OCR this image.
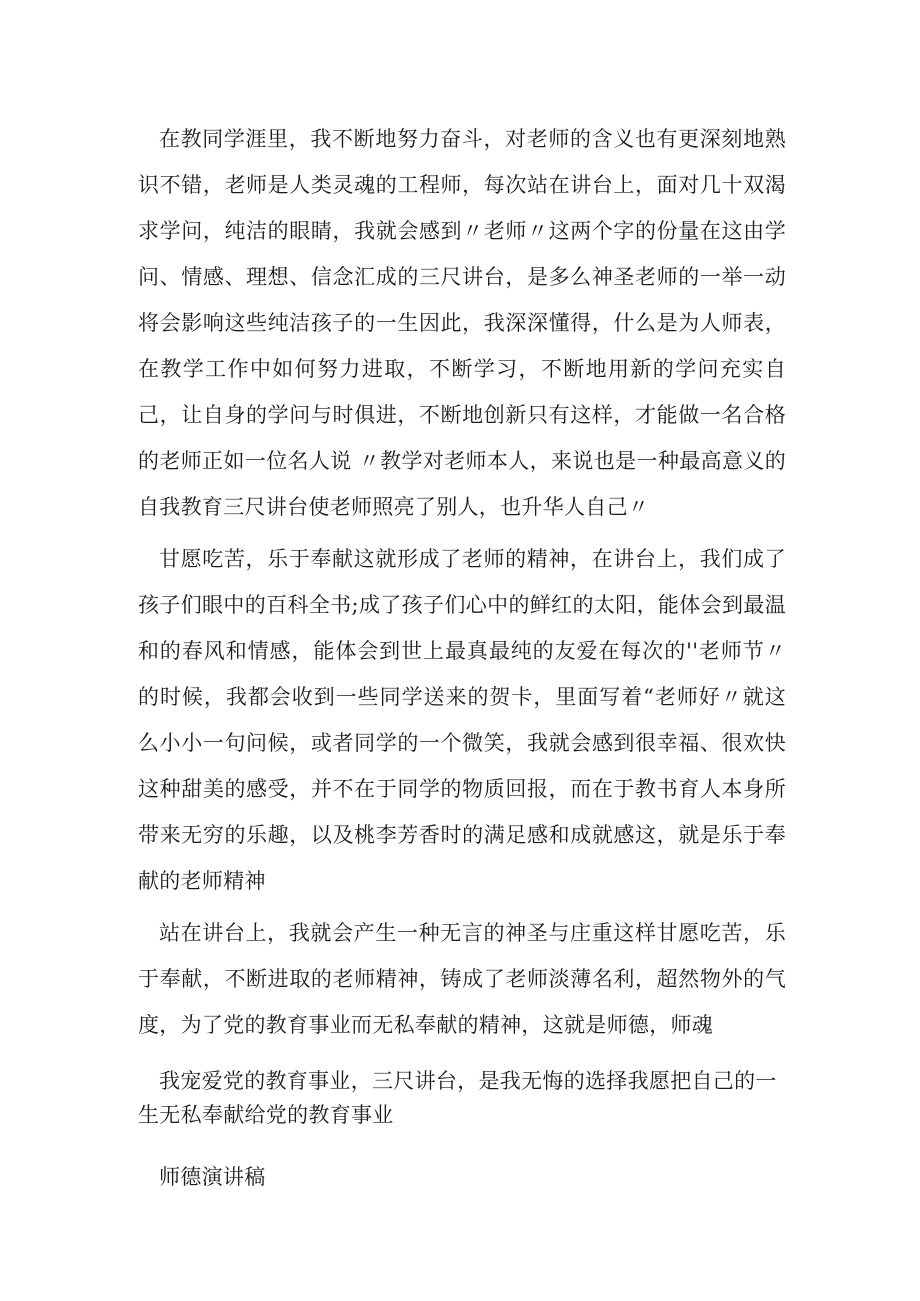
在教同学涯里，我不断地努力奋斗，对老师的含义也有更深刻地熟识不错，老师是人类灵魂的工程师，每次站在讲台上，面对几十双渴求学问，纯洁的眼睛，我就会感到〃老师〃这两个字的份量在这由学问、情感、理想、信念汇成的三尺讲台，是多么神圣老师的一举一动将会影响这些纯洁孩子的一生因此，我深深懂得，什么是为人师表，在教学工作中如何努力进取，不断学习，不断地用新的学问充实自己，让自身的学问与时俱进，不断地创新只有这样，才能做一名合格的老师正如一位名人说 〃教学对老师本人，来说也是一种最高意义的自我教育三尺讲台使老师照亮了别人，也升华人自己〃

甘愿吃苦，乐于奉献这就形成了老师的精神，在讲台上，我们成了孩子们眼中的百科全书;成了孩子们心中的鲜红的太阳，能体会到最温和的春风和情感，能体会到世上最真最纯的友爱在每次的''老师节〃的时候，我都会收到一些同学送来的贺卡，里面写着“老师好〃就这么小小一句问候，或者同学的一个微笑，我就会感到很幸福、很欢快这种甜美的感受，并不在于同学的物质回报，而在于教书育人本身所带来无穷的乐趣，以及桃李芳香时的满足感和成就感这，就是乐于奉献的老师精神

站在讲台上，我就会产生一种无言的神圣与庄重这样甘愿吃苦，乐于奉献，不断进取的老师精神，铸成了老师淡薄名利，超然物外的气度，为了党的教育事业而无私奉献的精神，这就是师德，师魂

我宠爱党的教育事业，三尺讲台，是我无悔的选择我愿把自己的一生无私奉献给党的教育事业

师德演讲稿
